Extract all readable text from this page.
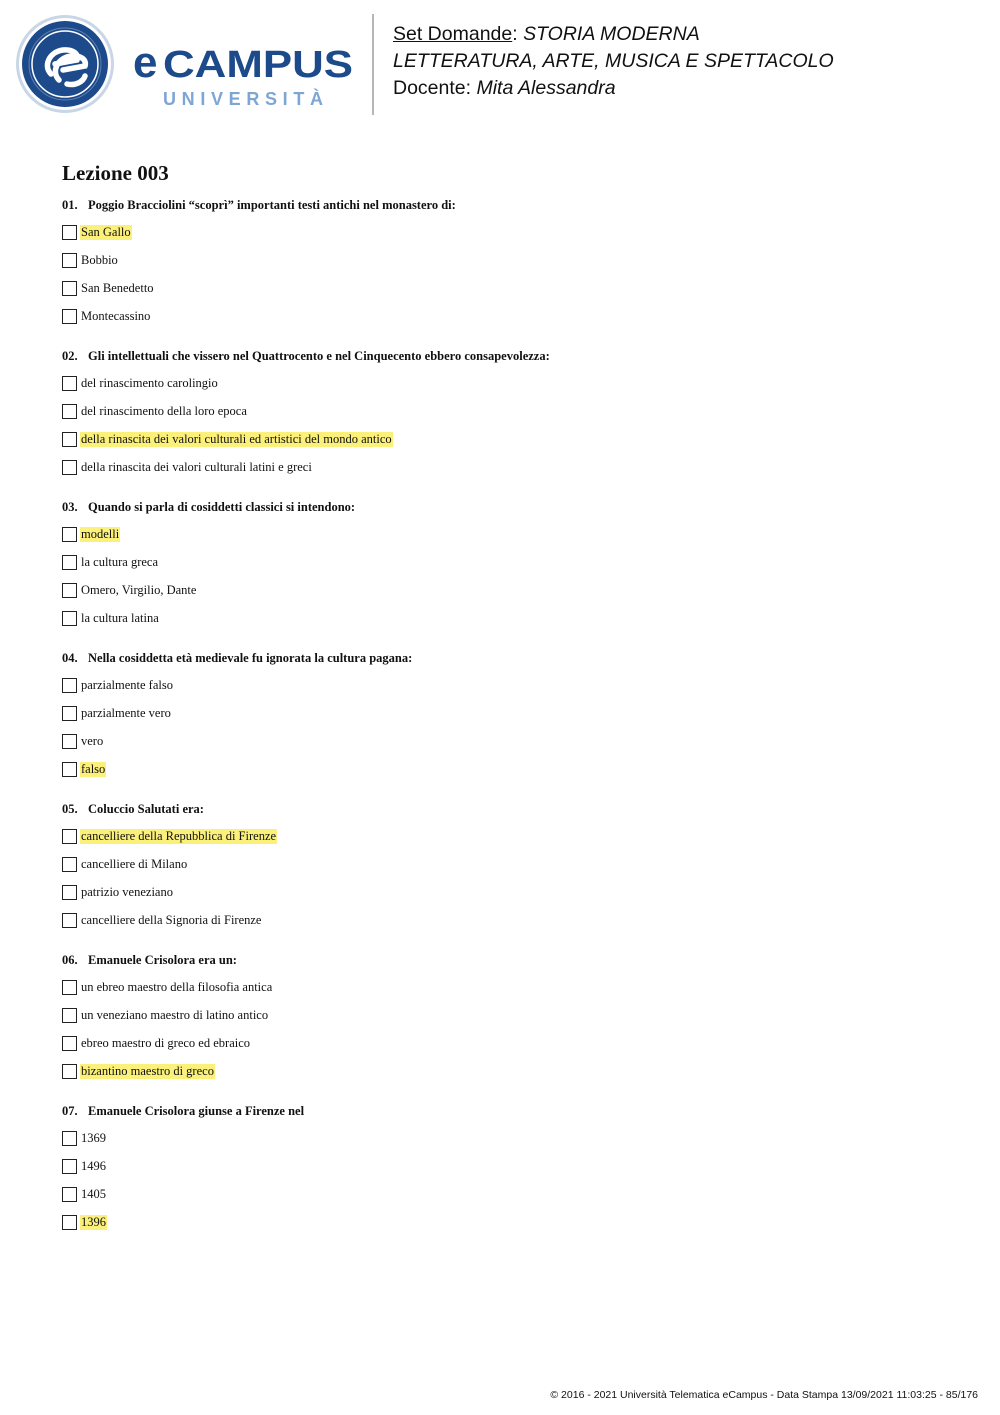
e CAMPUS
UNIVERSITÀ
Set Domande: STORIA MODERNA
LETTERATURA, ARTE, MUSICA E SPETTACOLO
Docente: Mita Alessandra
Lezione 003
01. Poggio Bracciolini “scoprì” importanti testi antichi nel monastero di:
San Gallo
Bobbio
San Benedetto
Montecassino
02. Gli intellettuali che vissero nel Quattrocento e nel Cinquecento ebbero consapevolezza:
del rinascimento carolingio
del rinascimento della loro epoca
della rinascita dei valori culturali ed artistici del mondo antico
della rinascita dei valori culturali latini e greci
03. Quando si parla di cosiddetti classici si intendono:
modelli
la cultura greca
Omero, Virgilio, Dante
la cultura latina
04. Nella cosiddetta età medievale fu ignorata la cultura pagana:
parzialmente falso
parzialmente vero
vero
falso
05. Coluccio Salutati era:
cancelliere della Repubblica di Firenze
cancelliere di Milano
patrizio veneziano
cancelliere della Signoria di Firenze
06. Emanuele Crisolora era un:
un ebreo maestro della filosofia antica
un veneziano maestro di latino antico
ebreo maestro di greco ed ebraico
bizantino maestro di greco
07. Emanuele Crisolora giunse a Firenze nel
1369
1496
1405
1396
© 2016 - 2021 Università Telematica eCampus - Data Stampa 13/09/2021 11:03:25 - 85/176
